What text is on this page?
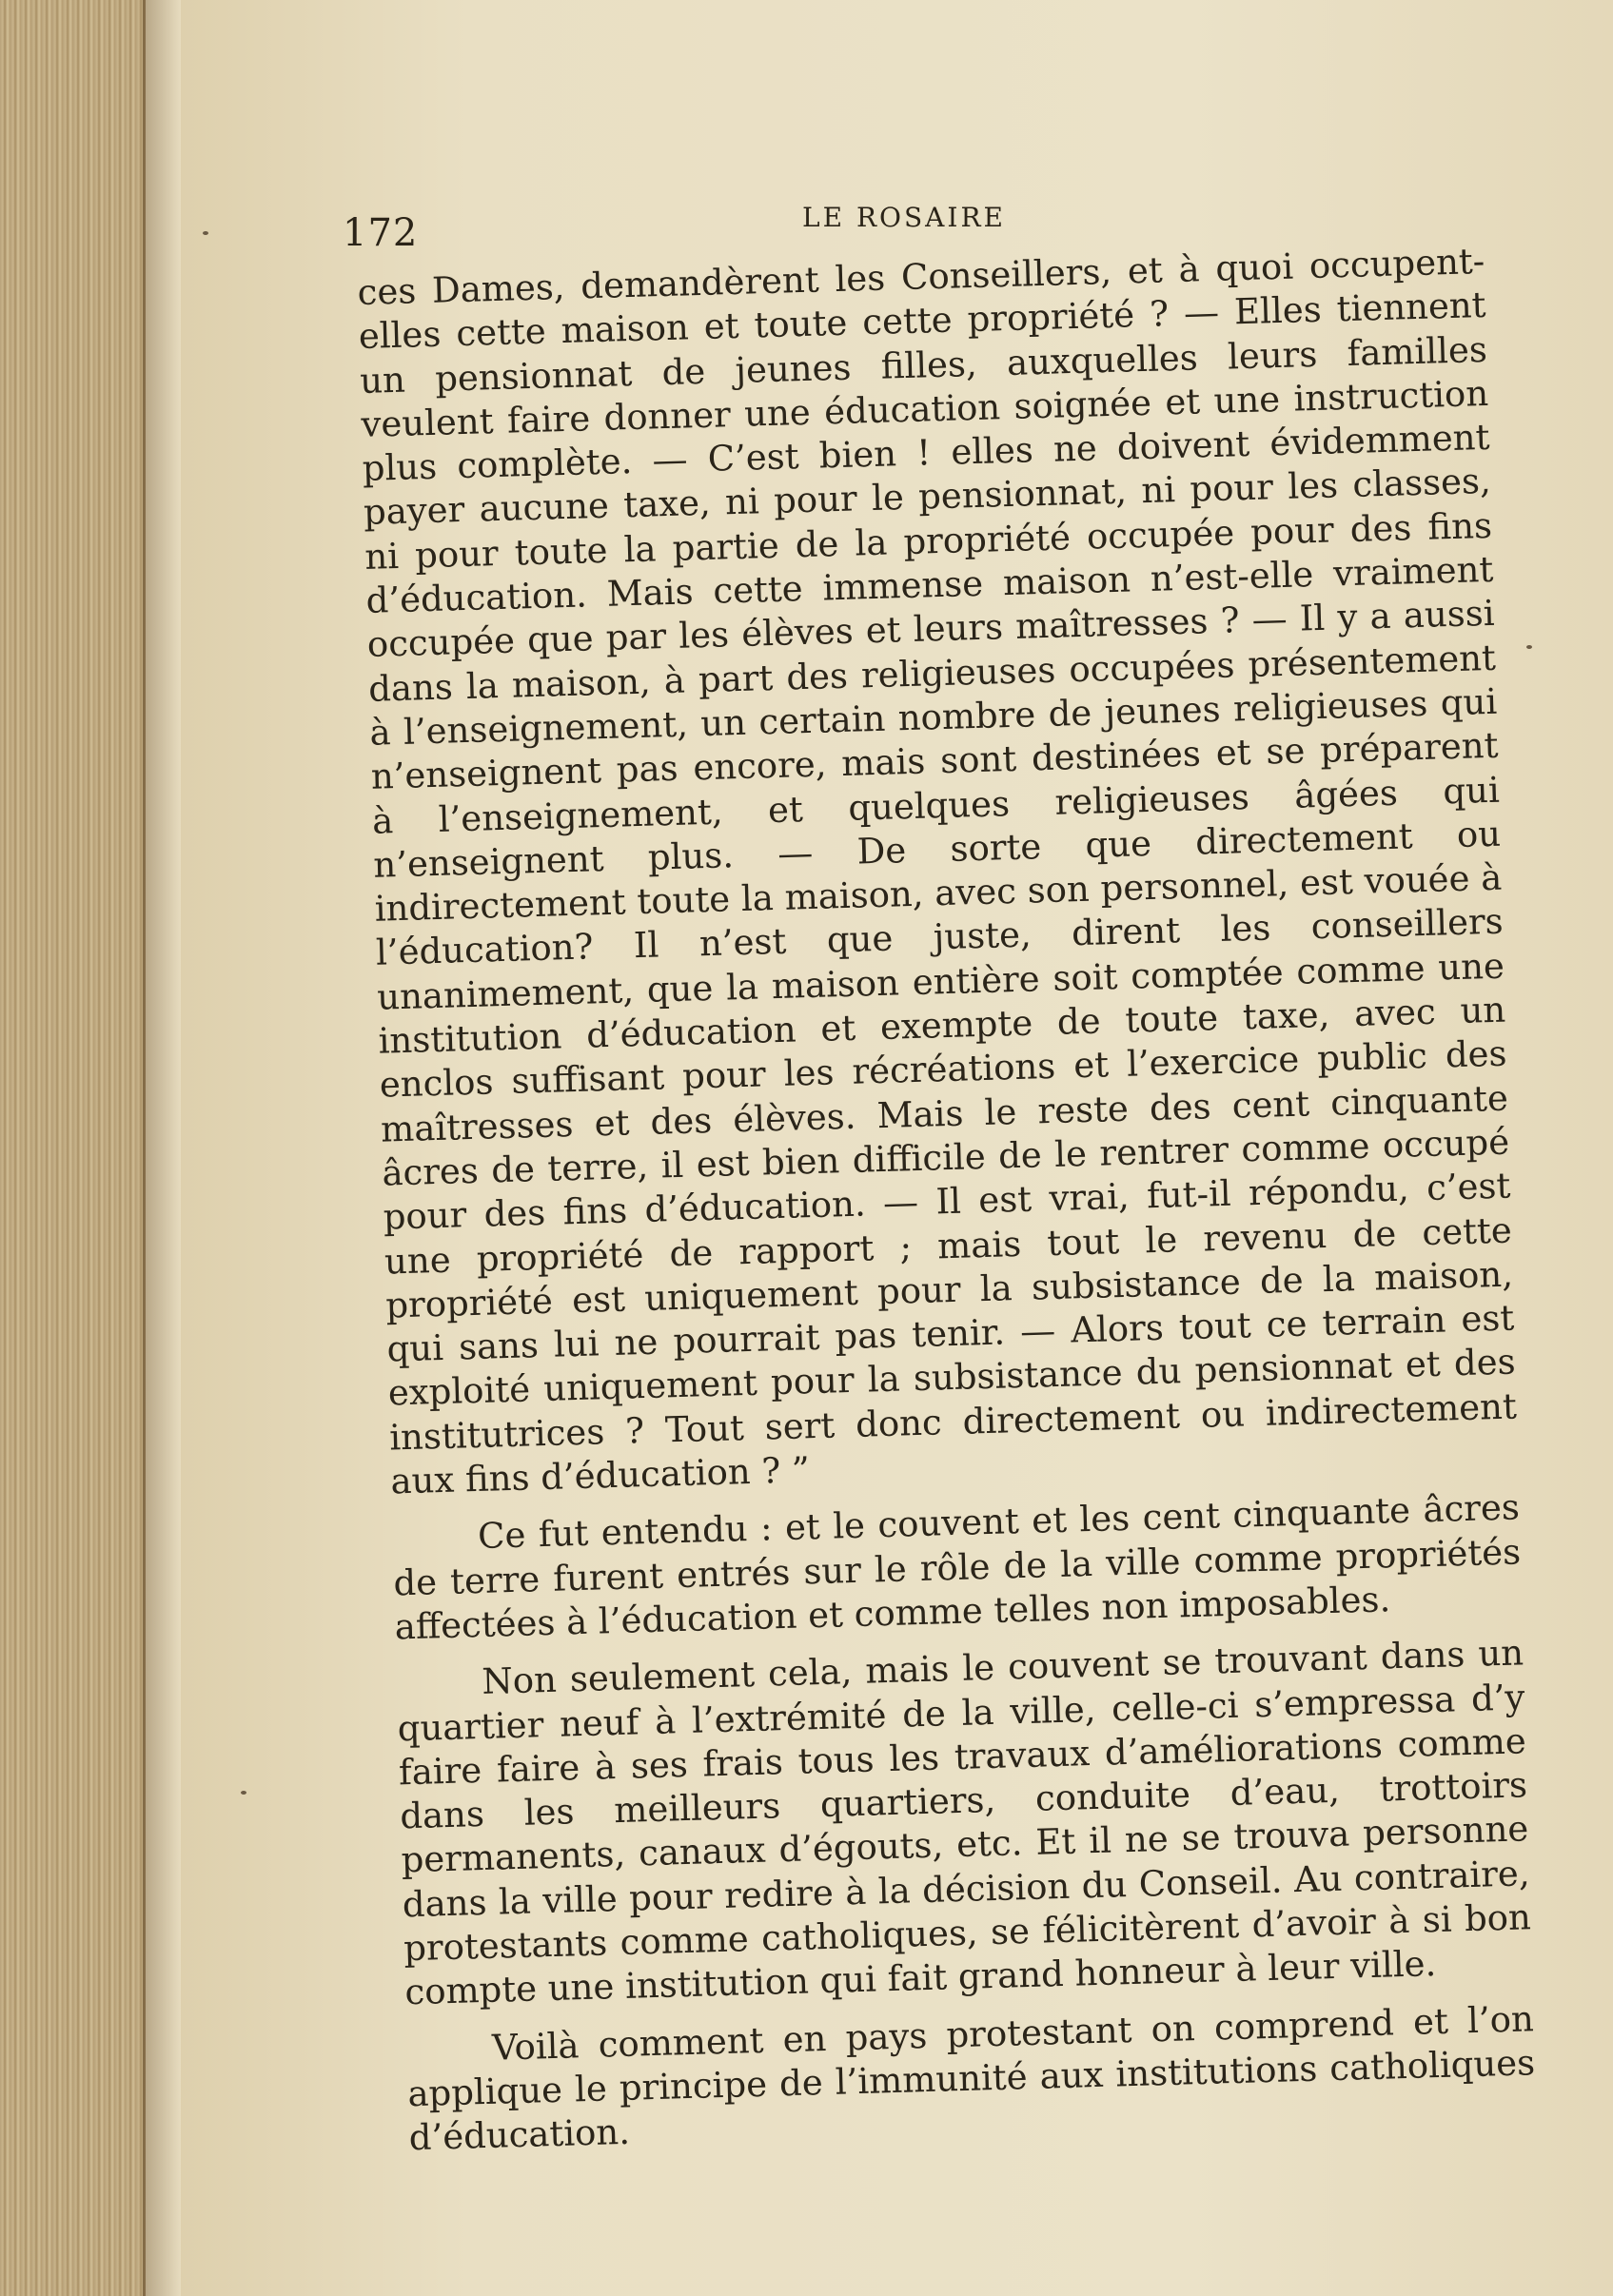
172	LE ROSAIRE

ces Dames, demandèrent les Conseillers, et à quoi occupent-elles cette maison et toute cette propriété ? — Elles tiennent un pensionnat de jeunes filles, auxquelles leurs familles veulent faire donner une éducation soignée et une instruction plus complète. — C’est bien ! elles ne doivent évidemment payer aucune taxe, ni pour le pensionnat, ni pour les classes, ni pour toute la partie de la propriété occupée pour des fins d’éducation. Mais cette immense maison n’est-elle vraiment occupée que par les élèves et leurs maîtresses ? — Il y a aussi dans la maison, à part des religieuses occupées présentement à l’enseignement, un certain nombre de jeunes religieuses qui n’enseignent pas encore, mais sont destinées et se préparent à l’enseignement, et quelques religieuses âgées qui n’enseignent plus. — De sorte que directement ou indirectement toute la maison, avec son personnel, est vouée à l’éducation? Il n’est que juste, dirent les conseillers unanimement, que la maison entière soit comptée comme une institution d’éducation et exempte de toute taxe, avec un enclos suffisant pour les récréations et l’exercice public des maîtresses et des élèves. Mais le reste des cent cinquante âcres de terre, il est bien difficile de le rentrer comme occupé pour des fins d’éducation. — Il est vrai, fut-il répondu, c’est une propriété de rapport ; mais tout le revenu de cette propriété est uniquement pour la subsistance de la maison, qui sans lui ne pourrait pas tenir. — Alors tout ce terrain est exploité uniquement pour la subsistance du pensionnat et des institutrices ? Tout sert donc directement ou indirectement aux fins d’éducation ? ”

Ce fut entendu : et le couvent et les cent cinquante âcres de terre furent entrés sur le rôle de la ville comme propriétés affectées à l’éducation et comme telles non imposables.

Non seulement cela, mais le couvent se trouvant dans un quartier neuf à l’extrémité de la ville, celle-ci s’empressa d’y faire faire à ses frais tous les travaux d’améliorations comme dans les meilleurs quartiers, conduite d’eau, trottoirs permanents, canaux d’égouts, etc. Et il ne se trouva personne dans la ville pour redire à la décision du Conseil. Au contraire, protestants comme catholiques, se félicitèrent d’avoir à si bon compte une institution qui fait grand honneur à leur ville.

Voilà comment en pays protestant on comprend et l’on applique le principe de l’immunité aux institutions catholiques d’éducation.
